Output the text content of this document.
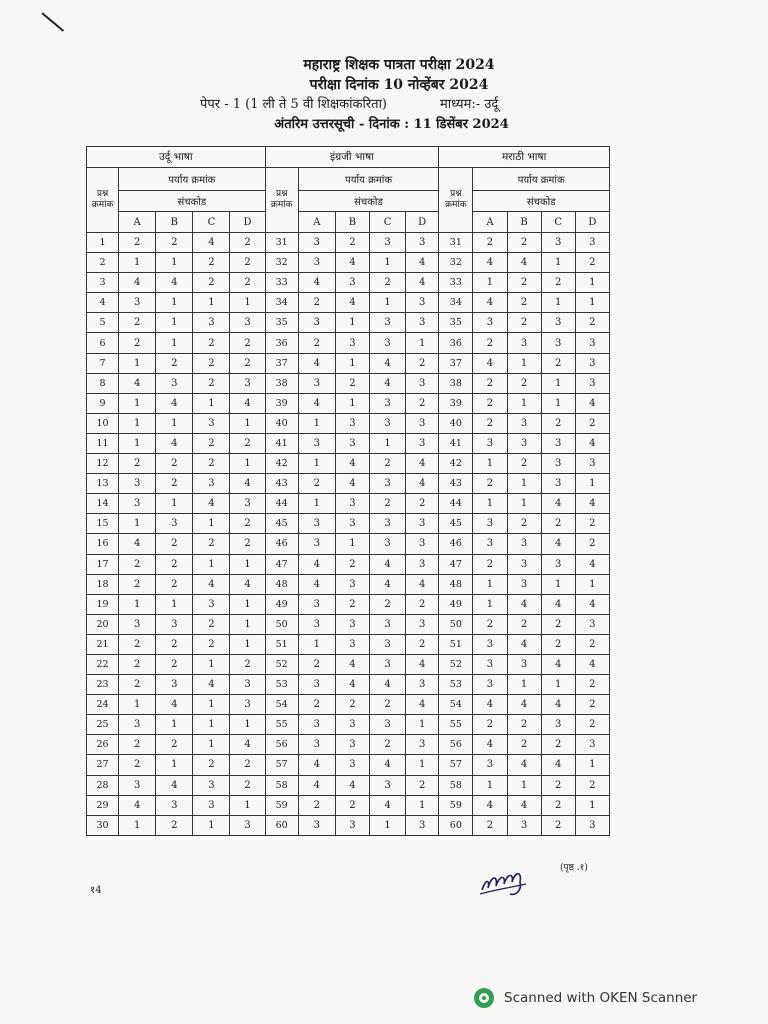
महाराष्ट्र शिक्षक पात्रता परीक्षा 2024
परीक्षा दिनांक 10 नोव्हेंबर 2024
पेपर - 1 (1 ली ते 5 वी शिक्षकांकरिता)	माध्यम:- उर्दू
अंतरिम उत्तरसूची - दिनांक : 11 डिसेंबर 2024
उर्दू भाषा					इंग्रजी भाषा					मराठी भाषा				
प्रश्न क्रमांक	पर्याय क्रमांक				प्रश्न क्रमांक	पर्याय क्रमांक				प्रश्न क्रमांक	पर्याय क्रमांक			
	संचकोड					संचकोड					संचकोड			
	A	B	C	D		A	B	C	D		A	B	C	D
1	2	2	4	2	31	3	2	3	3	31	2	2	3	3
2	1	1	2	2	32	3	4	1	4	32	4	4	1	2
3	4	4	2	2	33	4	3	2	4	33	1	2	2	1
4	3	1	1	1	34	2	4	1	3	34	4	2	1	1
5	2	1	3	3	35	3	1	3	3	35	3	2	3	2
6	2	1	2	2	36	2	3	3	1	36	2	3	3	3
7	1	2	2	2	37	4	1	4	2	37	4	1	2	3
8	4	3	2	3	38	3	2	4	3	38	2	2	1	3
9	1	4	1	4	39	4	1	3	2	39	2	1	1	4
10	1	1	3	1	40	1	3	3	3	40	2	3	2	2
11	1	4	2	2	41	3	3	1	3	41	3	3	3	4
12	2	2	2	1	42	1	4	2	4	42	1	2	3	3
13	3	2	3	4	43	2	4	3	4	43	2	1	3	1
14	3	1	4	3	44	1	3	2	2	44	1	1	4	4
15	1	3	1	2	45	3	3	3	3	45	3	2	2	2
16	4	2	2	2	46	3	1	3	3	46	3	3	4	2
17	2	2	1	1	47	4	2	4	3	47	2	3	3	4
18	2	2	4	4	48	4	3	4	4	48	1	3	1	1
19	1	1	3	1	49	3	2	2	2	49	1	4	4	4
20	3	3	2	1	50	3	3	3	3	50	2	2	2	3
21	2	2	2	1	51	1	3	3	2	51	3	4	2	2
22	2	2	1	2	52	2	4	3	4	52	3	3	4	4
23	2	3	4	3	53	3	4	4	3	53	3	1	1	2
24	1	4	1	3	54	2	2	2	4	54	4	4	4	2
25	3	1	1	1	55	3	3	3	1	55	2	2	3	2
26	2	2	1	4	56	3	3	2	3	56	4	2	2	3
27	2	1	2	2	57	4	3	4	1	57	3	4	4	1
28	3	4	3	2	58	4	4	3	2	58	1	1	2	2
29	4	3	3	1	59	2	2	4	1	59	4	4	2	1
30	1	2	1	3	60	3	3	1	3	60	2	3	2	3
(पृष्ठ .१)
१4
Scanned with OKEN Scanner
